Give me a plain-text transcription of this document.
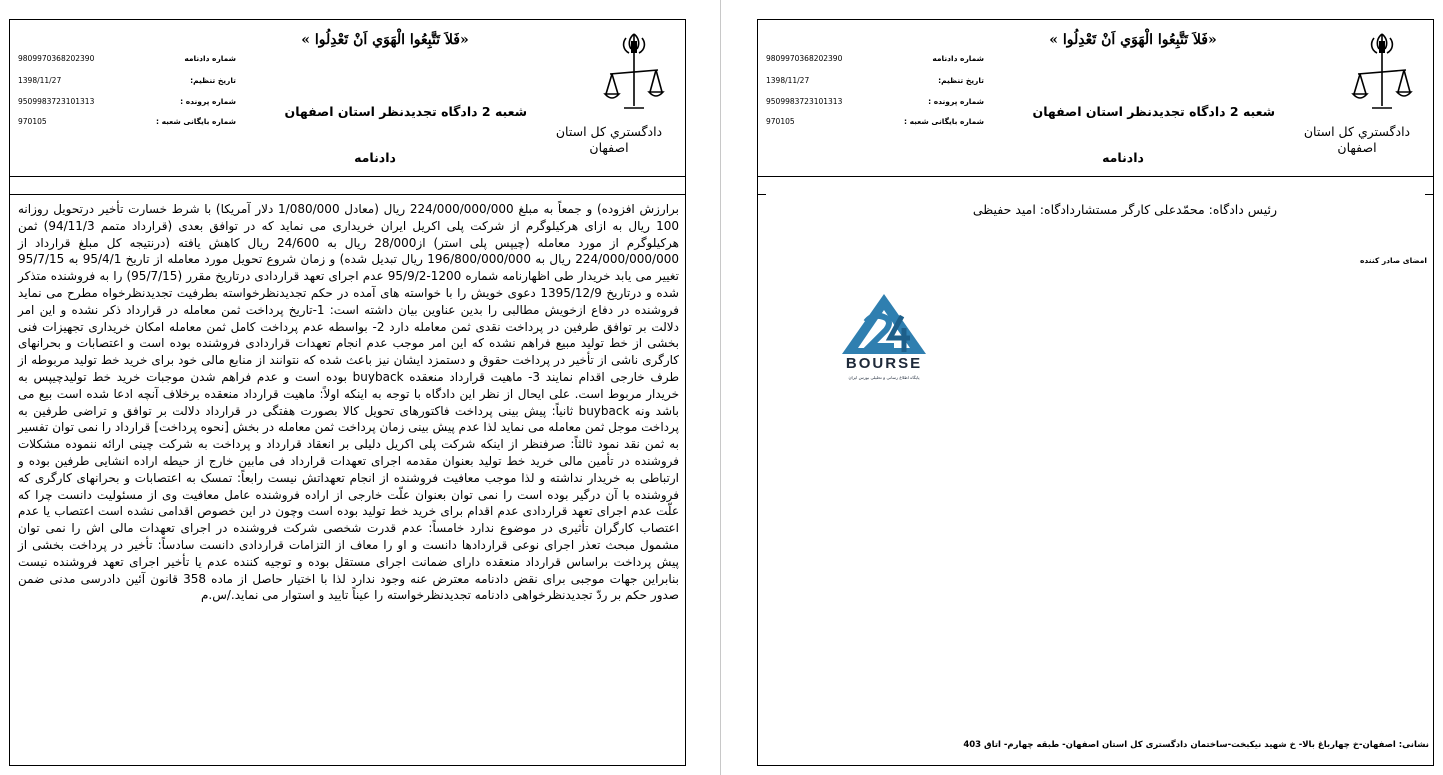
«فَلاَ تَتَّبِعُوا الْهَوَي اَنْ تَعْدِلُوا »
دادگستري کل استان
اصفهان
شعبه 2 دادگاه تجدیدنظر استان اصفهان
دادنامه
9809970368202390	شماره دادنامه
1398/11/27	تاریخ تنظیم:
9509983723101313	شماره پرونده :
970105	شماره بایگانی شعبه :
برارزش افزوده) و جمعاً به مبلغ 224/000/000/000 ریال (معادل 1/080/000 دلار آمریکا) با شرط خسارت تأخیر درتحویل روزانه 100 ریال به ازای هرکیلوگرم از شرکت پلی اکریل ایران خریداری می نماید که در توافق بعدی (قرارداد متمم 94/11/3) ثمن هرکیلوگرم از مورد معامله (چیپس پلی استر) از28/000 ریال به 24/600 ریال کاهش یافته (درنتیجه کل مبلغ قرارداد از 224/000/000/000 ریال به 196/800/000/000 ریال تبدیل شده) و زمان شروع تحویل مورد معامله از تاریخ 95/4/1 به 95/7/15 تغییر می یابد خریدار طی اظهارنامه شماره 1200-95/9/2 عدم اجرای تعهد قراردادی درتاریخ مقرر (95/7/15) را به فروشنده متذکر شده و درتاریخ 1395/12/9 دعوی خویش را با خواسته های آمده در حکم تجدیدنظرخواسته بطرفیت تجدیدنظرخواه مطرح می نماید فروشنده در دفاع ازخویش مطالبی را بدین عناوین بیان داشته است: 1-تاریخ پرداخت ثمن معامله در قرارداد ذکر نشده و این امر دلالت بر توافق طرفین در پرداخت نقدی ثمن معامله دارد 2- بواسطه عدم پرداخت کامل ثمن معامله امکان خریداری تجهیزات فنی بخشی از خط تولید مبیع فراهم نشده که این امر موجب عدم انجام تعهدات قراردادی فروشنده بوده است و اعتصابات و بحرانهای کارگری ناشی از تأخیر در پرداخت حقوق و دستمزد ایشان نیز باعث شده که نتوانند از منابع مالی خود برای خرید خط تولید مربوطه از طرف خارجی اقدام نمایند 3- ماهیت قرارداد منعقده buyback بوده است و عدم فراهم شدن موجبات خرید خط تولیدچیپس به خریدار مربوط است. علی ایحال از نظر این دادگاه با توجه به اینکه اولاً: ماهیت قرارداد منعقده برخلاف آنچه ادعا شده است بیع می باشد ونه buyback ثانیاً: پیش بینی پرداخت فاکتورهای تحویل کالا بصورت هفتگی در قرارداد دلالت بر توافق و تراضی طرفین به پرداخت موجل ثمن معامله می نماید لذا عدم پیش بینی زمان پرداخت ثمن معامله در بخش [نحوه پرداخت] قرارداد را نمی توان تفسیر به ثمن نقد نمود ثالثاً: صرفنظر از اینکه شرکت پلی اکریل دلیلی بر انعقاد قرارداد و پرداخت به شرکت چینی ارائه ننموده مشکلات فروشنده در تأمین مالی خرید خط تولید بعنوان مقدمه اجرای تعهدات قرارداد فی مابین خارج از حیطه اراده انشایی طرفین بوده و ارتباطی به خریدار نداشته و لذا موجب معافیت فروشنده از انجام تعهداتش نیست رابعاً: تمسک به اعتصابات و بحرانهای کارگری که فروشنده با آن درگیر بوده است را نمی توان بعنوان علّت خارجی از اراده فروشنده عامل معافیت وی از مسئولیت دانست چرا که علّت عدم اجرای تعهد قراردادی عدم اقدام برای خرید خط تولید بوده است وچون در این خصوص اقدامی نشده است اعتصاب یا عدم اعتصاب کارگران تأثیری در موضوع ندارد خامساً: عدم قدرت شخصی شرکت فروشنده در اجرای تعهدات مالی اش را نمی توان مشمول مبحث تعذر اجرای نوعی قراردادها دانست و او را معاف از التزامات قراردادی دانست سادساً: تأخیر در پرداخت بخشی از پیش پرداخت براساس قرارداد منعقده دارای ضمانت اجرای مستقل بوده و توجیه کننده عدم یا تأخیر اجرای تعهد فروشنده نیست بنابراین جهات موجبی برای نقض دادنامه معترض عنه وجود ندارد لذا با اختیار حاصل از ماده 358 قانون آئین دادرسی مدنی ضمن صدور حکم بر ردّ تجدیدنظرخواهی دادنامه تجدیدنظرخواسته را عیناً تایید و استوار می نماید./س.م
«فَلاَ تَتَّبِعُوا الْهَوَي اَنْ تَعْدِلُوا »
دادگستري کل استان
اصفهان
شعبه 2 دادگاه تجدیدنظر استان اصفهان
دادنامه
9809970368202390	شماره دادنامه
1398/11/27	تاریخ تنظیم:
9509983723101313	شماره پرونده :
970105	شماره بایگانی شعبه :
رئیس دادگاه: محمّدعلی کارگر مستشاردادگاه: امید حفیظی
امضای صادر کننده
BOURSE
پایگاه اطلاع رسانی و تحلیلی بورس ایران
نشانی: اصفهان-خ چهارباغ بالا- خ شهید نیکبخت-ساختمان دادگستری کل استان اصفهان- طبقه چهارم- اتاق 403
